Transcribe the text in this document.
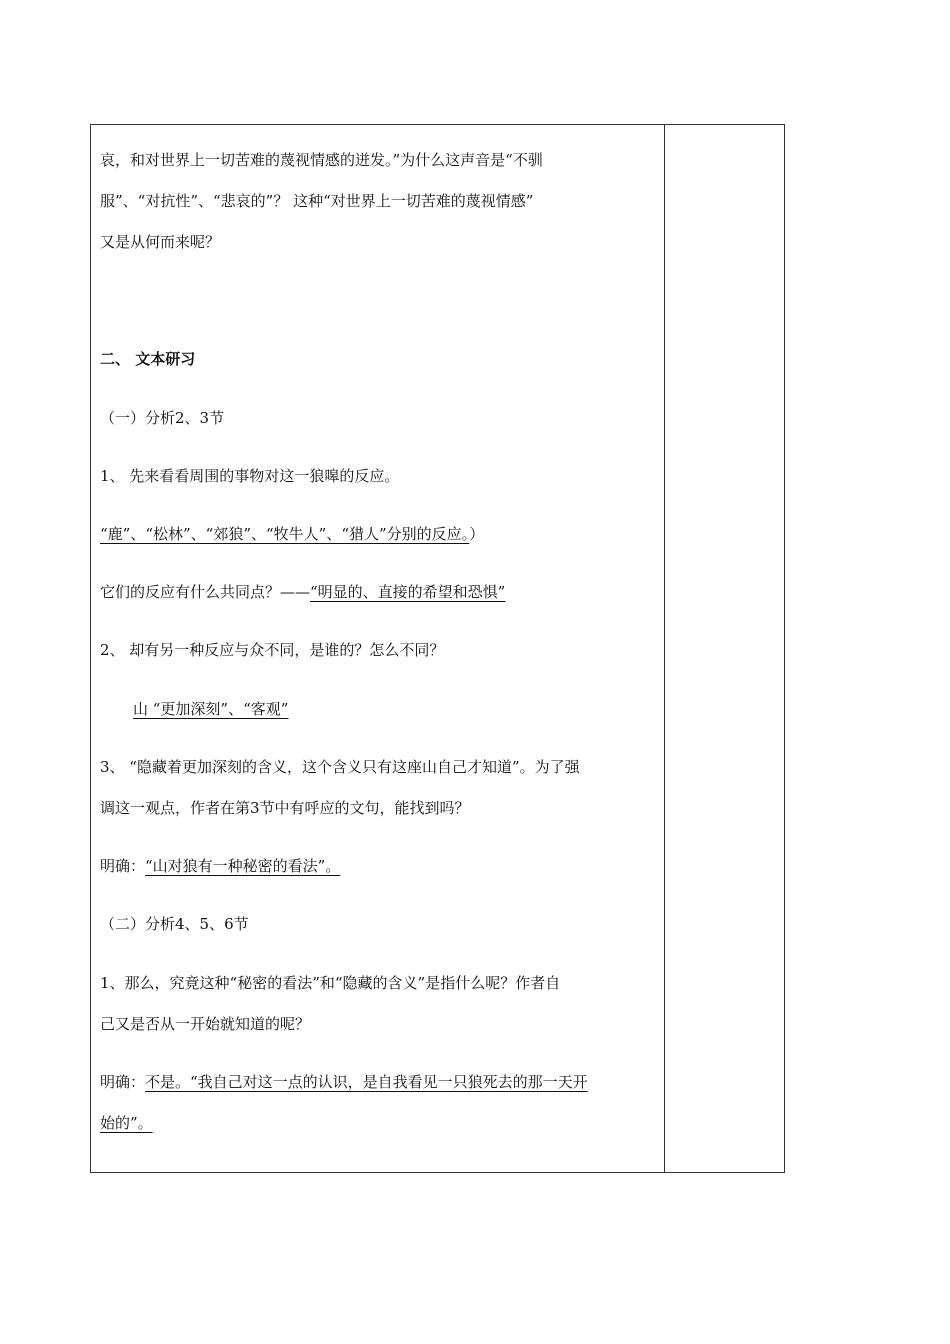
哀，和对世界上一切苦难的蔑视情感的迸发。”为什么这声音是“不驯
服”、“对抗性”、“悲哀的”？ 这种“对世界上一切苦难的蔑视情感”
又是从何而来呢？
二、 文本研习
（一）分析2、3节
1、 先来看看周围的事物对这一狼嗥的反应。
“鹿”、“松林”、“郊狼”、“牧牛人”、“猎人”分别的反应。）
它们的反应有什么共同点？——“明显的、直接的希望和恐惧”
2、 却有另一种反应与众不同，是谁的？怎么不同？
山 “更加深刻”、“客观”
3、 “隐藏着更加深刻的含义，这个含义只有这座山自己才知道”。为了强
调这一观点，作者在第3节中有呼应的文句，能找到吗？
明确：“山对狼有一种秘密的看法”。
（二）分析4、5、6节
1、那么，究竟这种“秘密的看法”和“隐藏的含义”是指什么呢？作者自
己又是否从一开始就知道的呢？
明确：不是。“我自己对这一点的认识，是自我看见一只狼死去的那一天开
始的”。
